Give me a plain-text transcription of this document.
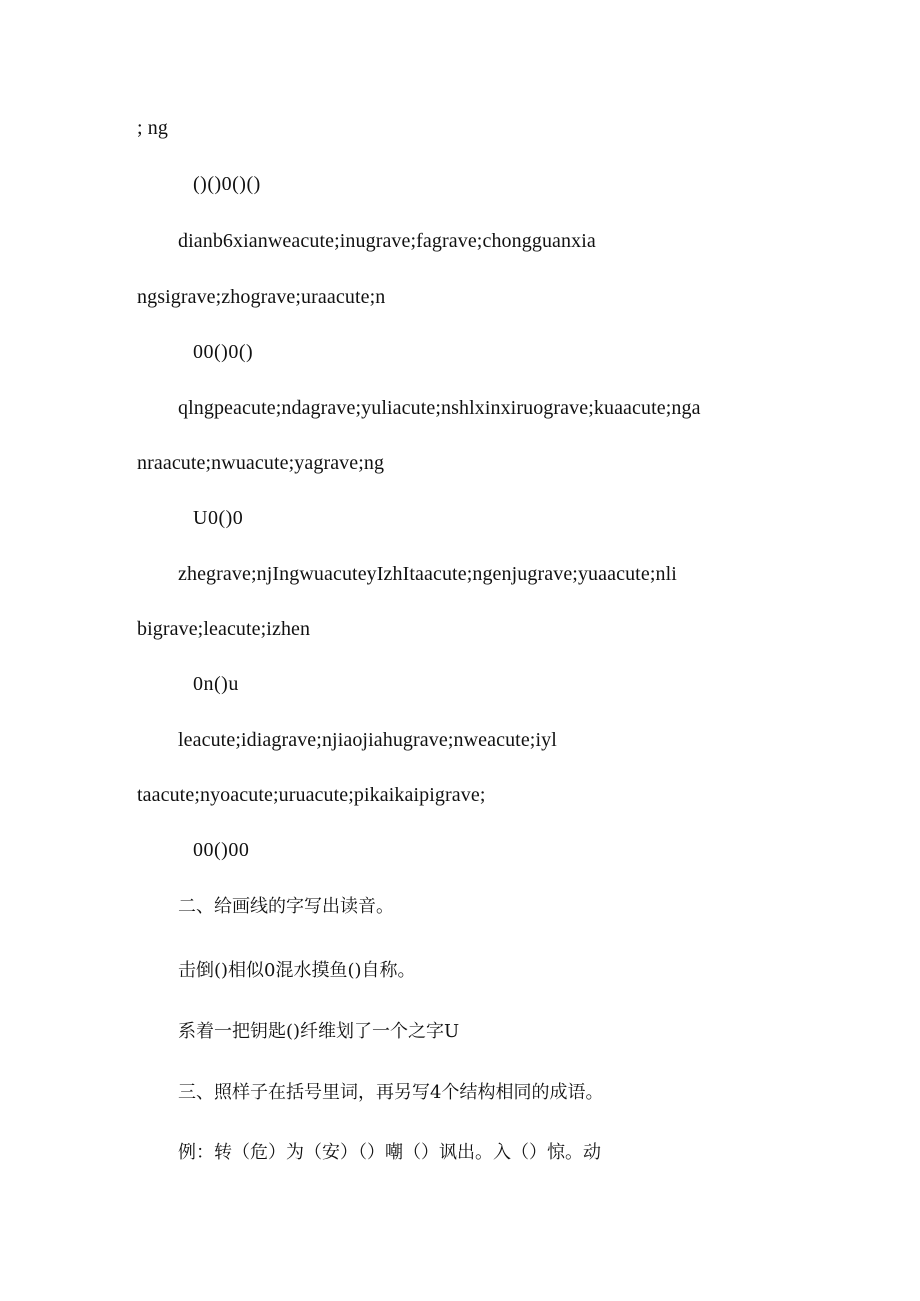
; ng
()()0()()
dianb6xianweacute;inugrave;fagrave;chongguanxia
ngsigrave;zhograve;uraacute;n
00()0()
qlngpeacute;ndagrave;yuliacute;nshlxinxiruograve;kuaacute;nga
nraacute;nwuacute;yagrave;ng
U0()0
zhegrave;njIngwuacuteyIzhItaacute;ngenjugrave;yuaacute;nli
bigrave;leacute;izhen
0n()u
leacute;idiagrave;njiaojiahugrave;nweacute;iyl
taacute;nyoacute;uruacute;pikaikaipigrave;
00()00
二、给画线的字写出读音。
击倒()相似0混水摸鱼()自称。
系着一把钥匙()纤维划了一个之字U
三、照样子在括号里词，再另写4个结构相同的成语。
例：转（危）为（安）（）嘲（）讽出。入（）惊。动
